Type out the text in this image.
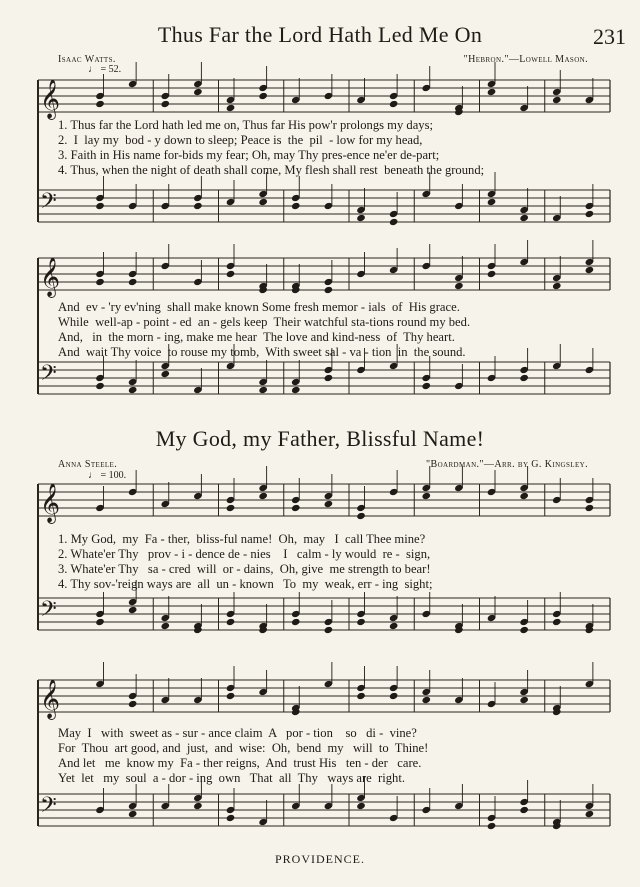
Thus Far the Lord Hath Led Me On	231
Isaac Watts.	"Hebron."—Lowell Mason.
♩ = 52.
𝄞
𝄢
1. Thus far the Lord hath led me on, Thus far His pow'r prolongs my days;
2.  I  lay my  bod - y down to sleep; Peace is  the  pil  - low for my head,
3. Faith in His name for-bids my fear; Oh, may Thy pres-ence ne'er de-part;
4. Thus, when the night of death shall come, My flesh shall rest  beneath the ground;
𝄞
𝄢
And  ev - 'ry ev'ning  shall make known Some fresh memor - ials  of  His grace.
While  well-ap - point - ed  an - gels keep  Their watchful sta-tions round my bed.
And,   in  the morn - ing, make me hear  The love and kind-ness  of  Thy heart.
And  wait Thy voice  to rouse my tomb,  With sweet sal - va - tion  in  the sound.
My God, my Father, Blissful Name!
Anna Steele.	"Boardman."—Arr. by G. Kingsley.
♩ = 100.
𝄞
𝄢
1. My God,  my  Fa - ther,  bliss-ful name!  Oh,  may   I  call Thee mine?
2. Whate'er Thy   prov - i - dence de - nies    I   calm - ly would  re -  sign,
3. Whate'er Thy   sa - cred  will  or - dains,  Oh, give  me strength to bear!
4. Thy sov-'reign ways are  all  un - known   To  my  weak, err - ing  sight;
𝄞
𝄢
May  I   with  sweet as - sur - ance claim  A   por - tion    so   di -  vine?
For  Thou  art good, and  just,  and  wise:  Oh,  bend  my   will  to  Thine!
And let   me  know my  Fa - ther reigns,  And  trust His   ten - der   care.
Yet  let   my  soul  a - dor - ing  own   That  all  Thy   ways are  right.
PROVIDENCE.
